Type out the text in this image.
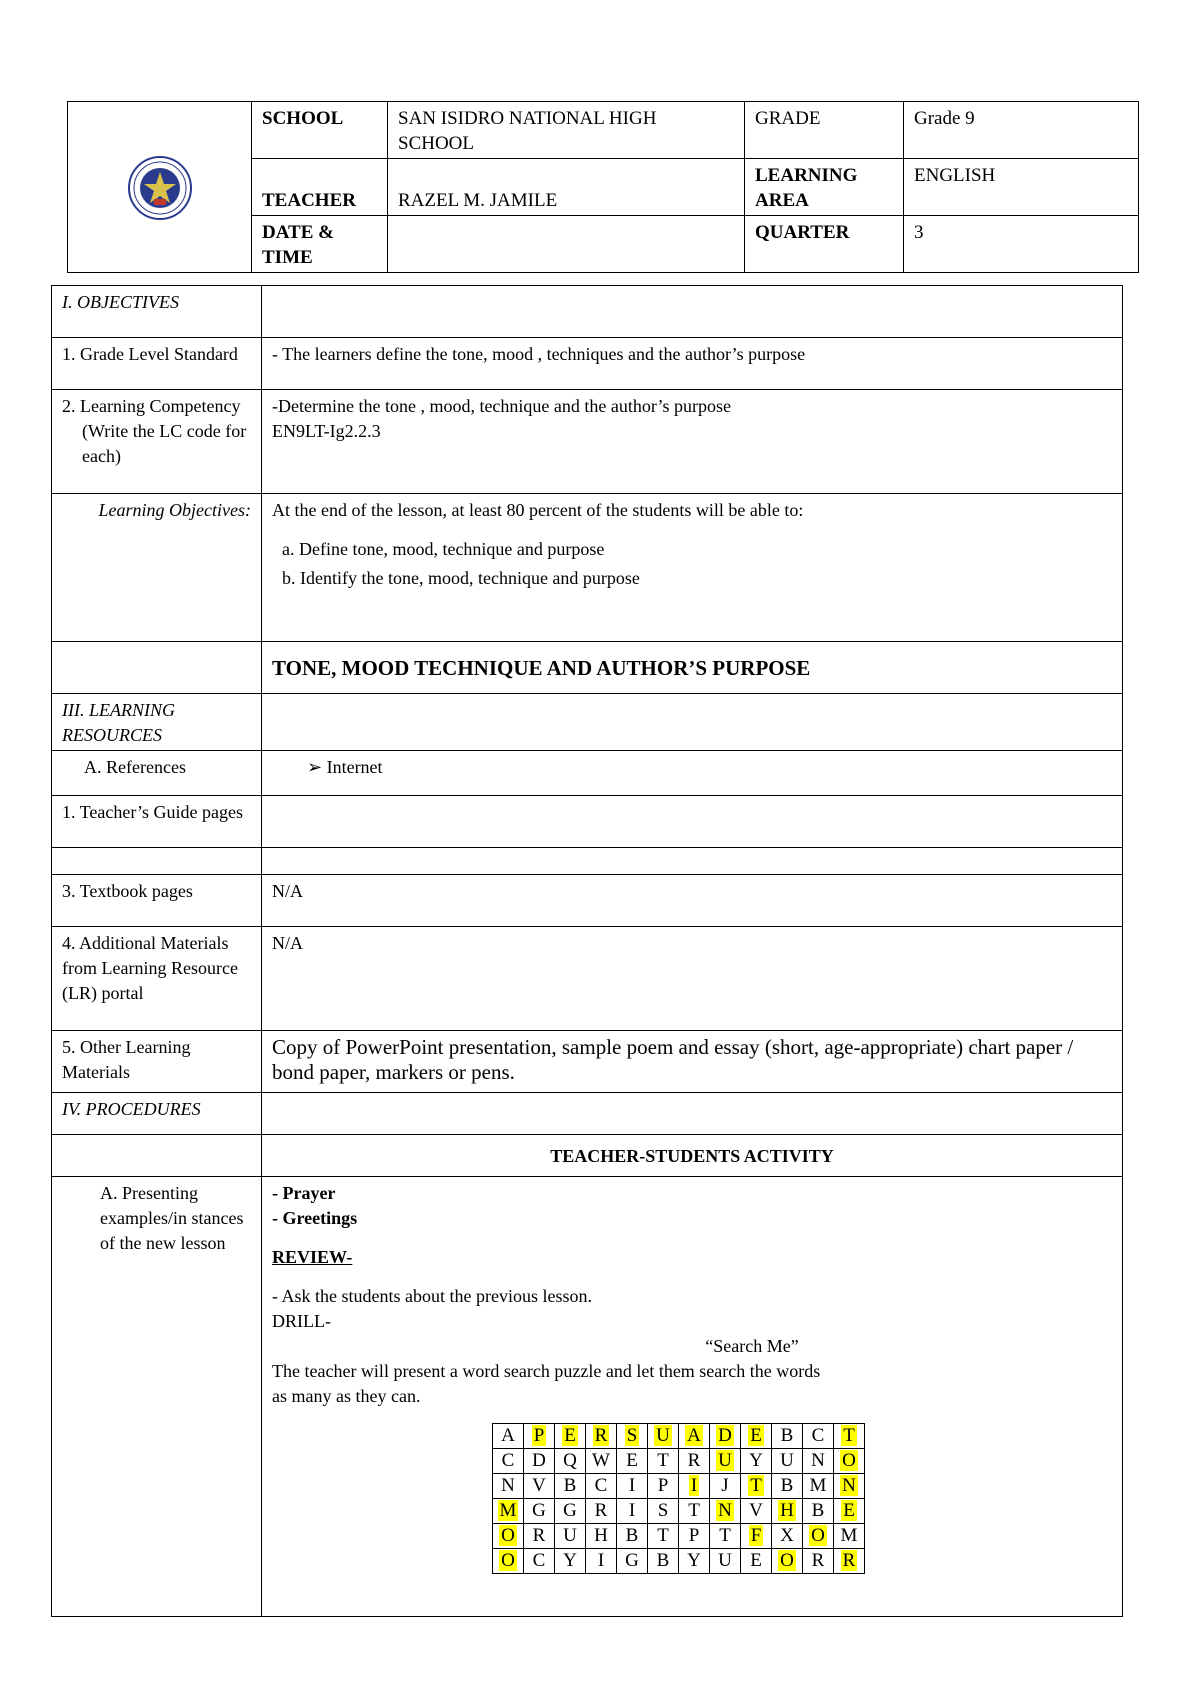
	SCHOOL	SAN ISIDRO NATIONAL HIGH SCHOOL	GRADE	Grade 9
	TEACHER	RAZEL M. JAMILE	LEARNING AREA	ENGLISH
	DATE & TIME		QUARTER	3
I. OBJECTIVES	
1. Grade Level Standard	- The learners define the tone, mood , techniques and the author’s purpose

2. Learning Competency
(Write the LC code for each)

-Determine the tone , mood, technique and the author’s purpose
EN9LT-Ig2.2.3

Learning Objectives:	At the end of the lesson, at least 80 percent of the students will be able to:
a. Define tone, mood, technique and purpose
b. Identify the tone, mood, technique and purpose

	TONE, MOOD TECHNIQUE AND AUTHOR’S PURPOSE
III. LEARNING RESOURCES	
A. References	➢ Internet
1. Teacher’s Guide pages	

3. Textbook pages	N/A
4. Additional Materials from Learning Resource (LR) portal	N/A
5. Other Learning Materials	Copy of PowerPoint presentation, sample poem and essay (short, age-appropriate) chart paper / bond paper, markers or pens.
IV. PROCEDURES	
	TEACHER-STUDENTS ACTIVITY
A. Presenting examples/in stances of the new lesson	
- Prayer
- Greetings
REVIEW-
- Ask the students about the previous lesson.
DRILL-
“Search Me”
The teacher will present a word search puzzle and let them search the words
as many as they can.
A	P	E	R	S	U	A	D	E	B	C	T
C	D	Q	W	E	T	R	U	Y	U	N	O
N	V	B	C	I	P	I	J	T	B	M	N
M	G	G	R	I	S	T	N	V	H	B	E
O	R	U	H	B	T	P	T	F	X	O	M
O	C	Y	I	G	B	Y	U	E	O	R	R
